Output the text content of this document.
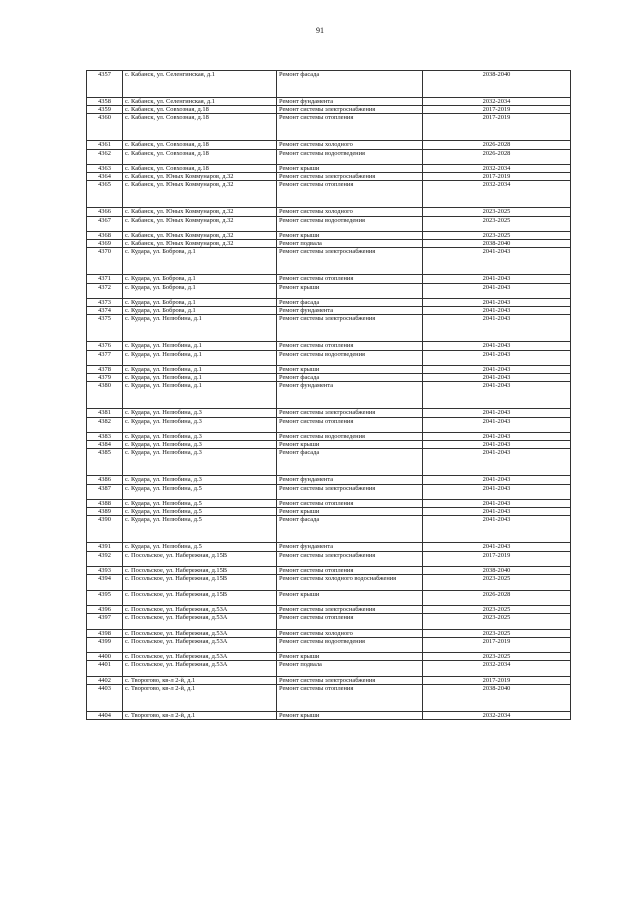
91
4357	с. Кабанск, ул. Селенгинская, д.1	Ремонт фасада	2038-2040
4358	с. Кабанск, ул. Селенгинская, д.1	Ремонт фундамента	2032-2034
4359	с. Кабанск, ул. Совхозная, д.18	Ремонт системы электроснабжения	2017-2019
4360	с. Кабанск, ул. Совхозная, д.18	Ремонт системы отопления	2017-2019
4361	с. Кабанск, ул. Совхозная, д.18	Ремонт системы холодного	2026-2028
4362	с. Кабанск, ул. Совхозная, д.18	Ремонт системы водоотведения	2026-2028
4363	с. Кабанск, ул. Совхозная, д.18	Ремонт крыши	2032-2034
4364	с. Кабанск, ул. Юных Коммунаров, д.32	Ремонт системы электроснабжения	2017-2019
4365	с. Кабанск, ул. Юных Коммунаров, д.32	Ремонт системы отопления	2032-2034
4366	с. Кабанск, ул. Юных Коммунаров, д.32	Ремонт системы холодного	2023-2025
4367	с. Кабанск, ул. Юных Коммунаров, д.32	Ремонт системы водоотведения	2023-2025
4368	с. Кабанск, ул. Юных Коммунаров, д.32	Ремонт крыши	2023-2025
4369	с. Кабанск, ул. Юных Коммунаров, д.32	Ремонт подвала	2038-2040
4370	с. Кудара, ул. Боброва, д.1	Ремонт системы электроснабжения	2041-2043
4371	с. Кудара, ул. Боброва, д.1	Ремонт системы отопления	2041-2043
4372	с. Кудара, ул. Боброва, д.1	Ремонт крыши	2041-2043
4373	с. Кудара, ул. Боброва, д.1	Ремонт фасада	2041-2043
4374	с. Кудара, ул. Боброва, д.1	Ремонт фундамента	2041-2043
4375	с. Кудара, ул. Нелюбина, д.1	Ремонт системы электроснабжения	2041-2043
4376	с. Кудара, ул. Нелюбина, д.1	Ремонт системы отопления	2041-2043
4377	с. Кудара, ул. Нелюбина, д.1	Ремонт системы водоотведения	2041-2043
4378	с. Кудара, ул. Нелюбина, д.1	Ремонт крыши	2041-2043
4379	с. Кудара, ул. Нелюбина, д.1	Ремонт фасада	2041-2043
4380	с. Кудара, ул. Нелюбина, д.1	Ремонт фундамента	2041-2043
4381	с. Кудара, ул. Нелюбина, д.3	Ремонт системы электроснабжения	2041-2043
4382	с. Кудара, ул. Нелюбина, д.3	Ремонт системы отопления	2041-2043
4383	с. Кудара, ул. Нелюбина, д.3	Ремонт системы водоотведения	2041-2043
4384	с. Кудара, ул. Нелюбина, д.3	Ремонт крыши	2041-2043
4385	с. Кудара, ул. Нелюбина, д.3	Ремонт фасада	2041-2043
4386	с. Кудара, ул. Нелюбина, д.3	Ремонт фундамента	2041-2043
4387	с. Кудара, ул. Нелюбина, д.5	Ремонт системы электроснабжения	2041-2043
4388	с. Кудара, ул. Нелюбина, д.5	Ремонт системы отопления	2041-2043
4389	с. Кудара, ул. Нелюбина, д.5	Ремонт крыши	2041-2043
4390	с. Кудара, ул. Нелюбина, д.5	Ремонт фасада	2041-2043
4391	с. Кудара, ул. Нелюбина, д.5	Ремонт фундамента	2041-2043
4392	с. Посольское, ул. Набережная, д.15В	Ремонт системы электроснабжения	2017-2019
4393	с. Посольское, ул. Набережная, д.15В	Ремонт системы отопления	2038-2040
4394	с. Посольское, ул. Набережная, д.15В	Ремонт системы холодного водоснабжения	2023-2025
4395	с. Посольское, ул. Набережная, д.15В	Ремонт крыши	2026-2028
4396	с. Посольское, ул. Набережная, д.53А	Ремонт системы электроснабжения	2023-2025
4397	с. Посольское, ул. Набережная, д.53А	Ремонт системы отопления	2023-2025
4398	с. Посольское, ул. Набережная, д.53А	Ремонт системы холодного	2023-2025
4399	с. Посольское, ул. Набережная, д.53А	Ремонт системы водоотведения	2017-2019
4400	с. Посольское, ул. Набережная, д.53А	Ремонт крыши	2023-2025
4401	с. Посольское, ул. Набережная, д.53А	Ремонт подвала	2032-2034
4402	с. Творогово, кв-л 2-й, д.1	Ремонт системы электроснабжения	2017-2019
4403	с. Творогово, кв-л 2-й, д.1	Ремонт системы отопления	2038-2040
4404	с. Творогово, кв-л 2-й, д.1	Ремонт крыши	2032-2034
